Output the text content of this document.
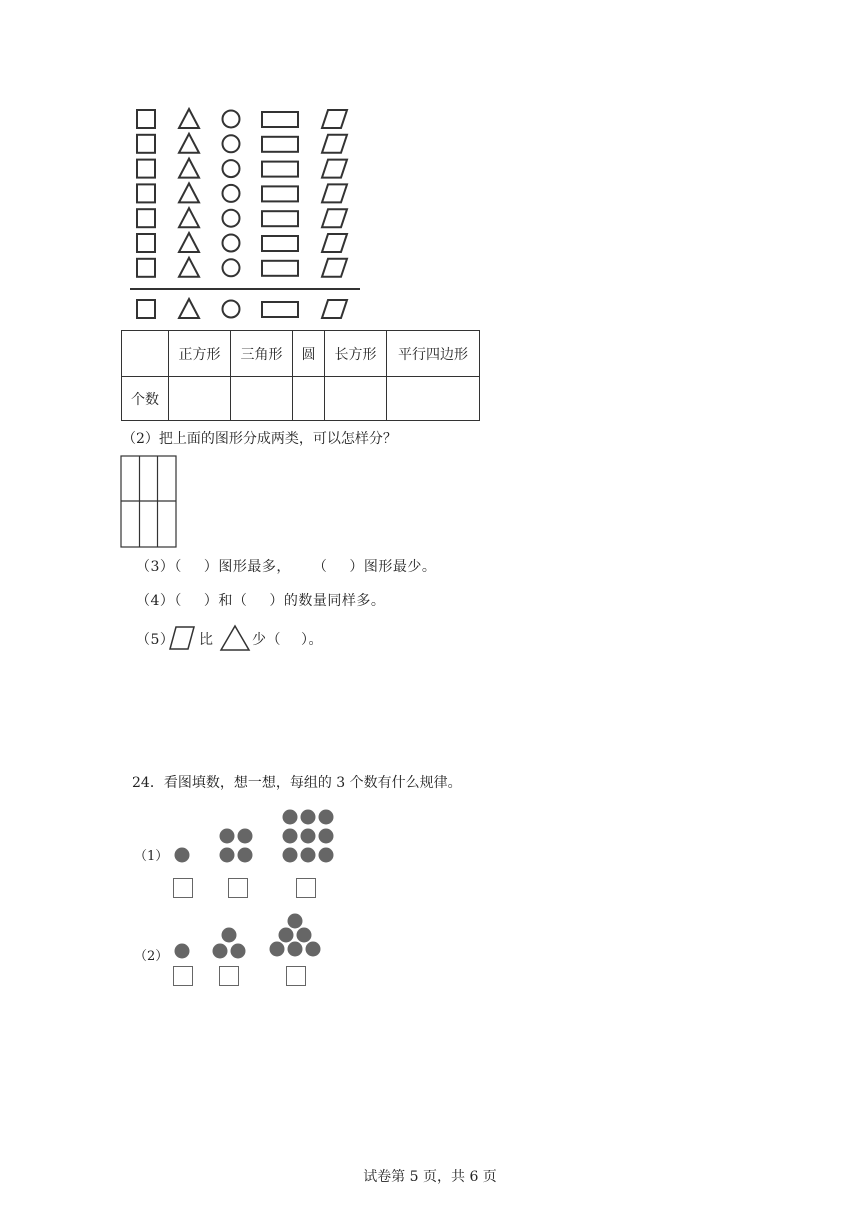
	正方形	三角形	圆	长方形	平行四边形
个数					
（2）把上面的图形分成两类，可以怎样分？
（3）（ ）图形最多， （ ）图形最少。
（4）（ ）和（ ）的数量同样多。
（5） 比	少（ ）。
24．看图填数，想一想，每组的 3 个数有什么规律。
（1）
（2）
试卷第 5 页，共 6 页
